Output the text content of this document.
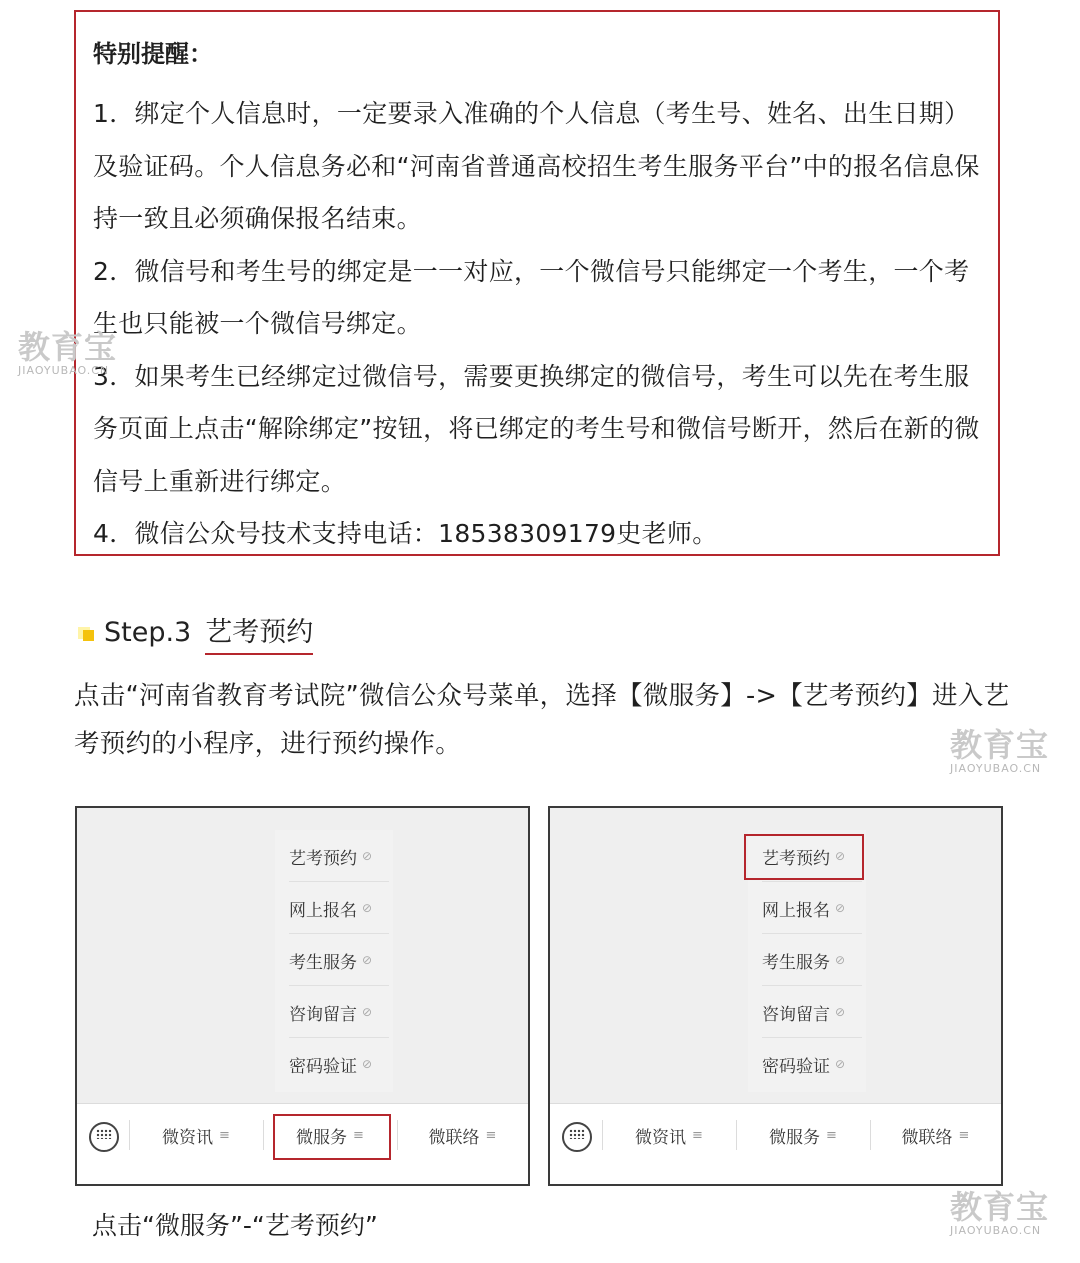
特别提醒：

1．绑定个人信息时，一定要录入准确的个人信息（考生号、姓名、出生日期）及验证码。个人信息务必和“河南省普通高校招生考生服务平台”中的报名信息保持一致且必须确保报名结束。

2．微信号和考生号的绑定是一一对应，一个微信号只能绑定一个考生，一个考生也只能被一个微信号绑定。

3．如果考生已经绑定过微信号，需要更换绑定的微信号，考生可以先在考生服务页面上点击“解除绑定”按钮，将已绑定的考生号和微信号断开，然后在新的微信号上重新进行绑定。

4．微信公众号技术支持电话：18538309179史老师。

Step.3 艺考预约

点击“河南省教育考试院”微信公众号菜单，选择【微服务】->【艺考预约】进入艺考预约的小程序，进行预约操作。

艺考预约 ⊘
网上报名 ⊘
考生服务 ⊘
咨询留言 ⊘
密码验证 ⊘
微资讯 ≡	微服务 ≡	微联络 ≡
艺考预约 ⊘
网上报名 ⊘
考生服务 ⊘
咨询留言 ⊘
密码验证 ⊘
微资讯 ≡	微服务 ≡	微联络 ≡

点击“微服务”-“艺考预约”

教育宝
JIAOYUBAO.CN
教育宝
JIAOYUBAO.CN
教育宝
JIAOYUBAO.CN
